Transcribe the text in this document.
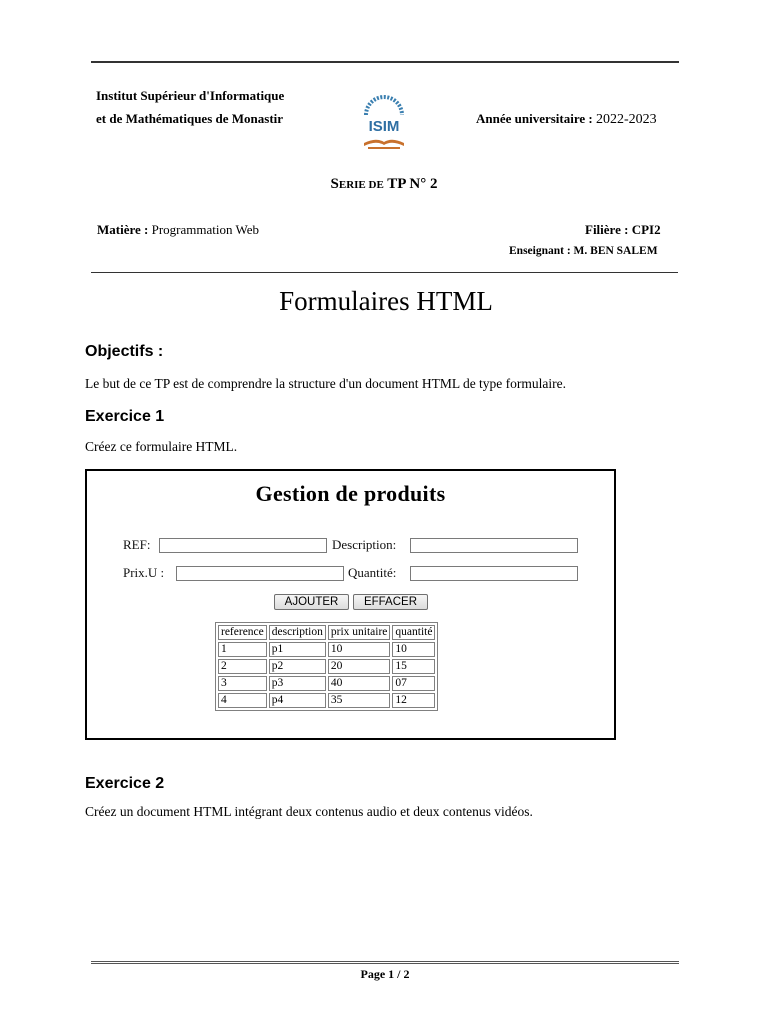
Institut Supérieur d'Informatique
et de Mathématiques de Monastir	ISIM	Année universitaire : 2022-2023
SERIE DE TP N° 2
Matière : Programmation Web	Filière : CPI2
Enseignant : M. BEN SALEM
Formulaires HTML
Objectifs :
Le but de ce TP est de comprendre la structure d'un document HTML de type formulaire.
Exercice 1
Créez ce formulaire HTML.
Gestion de produits
REF:	Description:
Prix.U :	Quantité:
AJOUTER	EFFACER
reference	description	prix unitaire	quantité
1	p1	10	10
2	p2	20	15
3	p3	40	07
4	p4	35	12
Exercice 2
Créez un document HTML intégrant deux contenus audio et deux contenus vidéos.
Page 1 / 2
